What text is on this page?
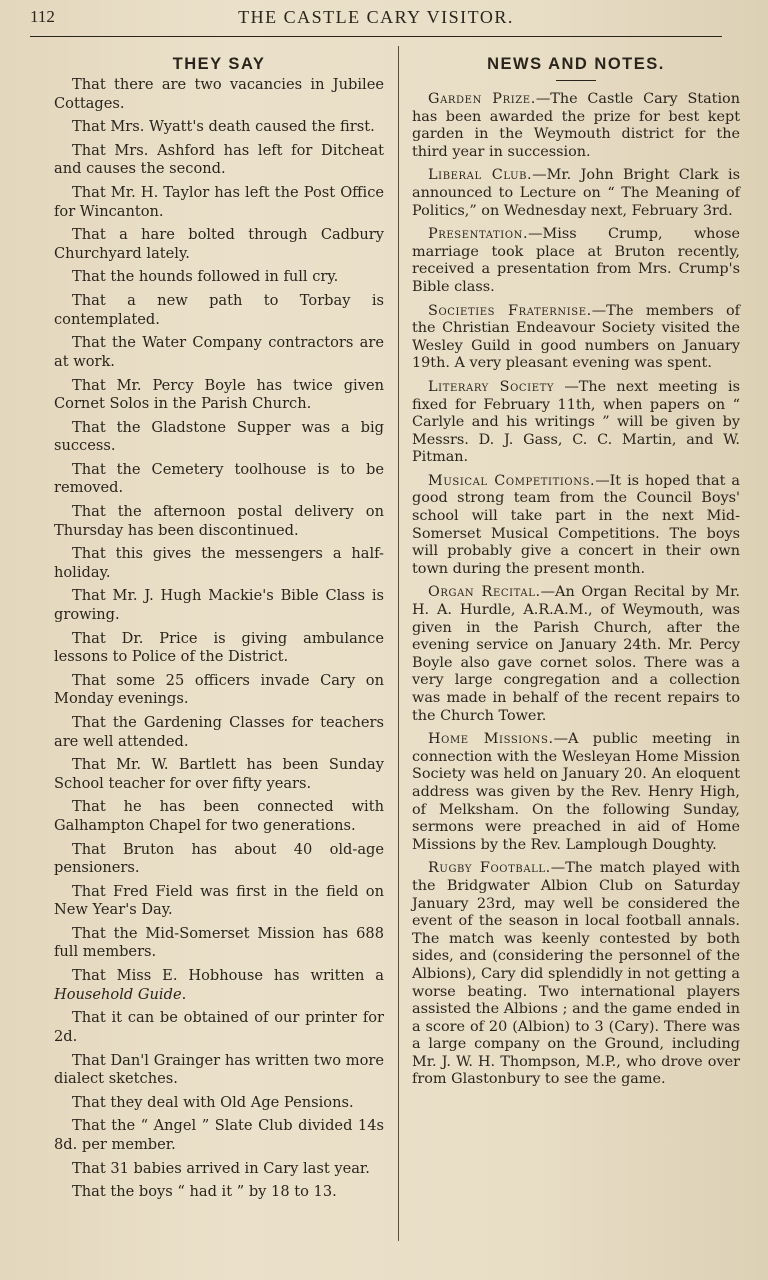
112	THE CASTLE CARY VISITOR.
THEY SAY

That there are two vacancies in Jubilee Cottages.

That Mrs. Wyatt's death caused the first.

That Mrs. Ashford has left for Ditcheat and causes the second.

That Mr. H. Taylor has left the Post Office for Wincanton.

That a hare bolted through Cadbury Churchyard lately.

That the hounds followed in full cry.

That a new path to Torbay is contemplated.

That the Water Company contractors are at work.

That Mr. Percy Boyle has twice given Cornet Solos in the Parish Church.

That the Gladstone Supper was a big success.

That the Cemetery toolhouse is to be removed.

That the afternoon postal delivery on Thursday has been discontinued.

That this gives the messengers a half-holiday.

That Mr. J. Hugh Mackie's Bible Class is growing.

That Dr. Price is giving ambulance lessons to Police of the District.

That some 25 officers invade Cary on Monday evenings.

That the Gardening Classes for teachers are well attended.

That Mr. W. Bartlett has been Sunday School teacher for over fifty years.

That he has been connected with Galhampton Chapel for two generations.

That Bruton has about 40 old-age pensioners.

That Fred Field was first in the field on New Year's Day.

That the Mid-Somerset Mission has 688 full members.

That Miss E. Hobhouse has written a Household Guide.

That it can be obtained of our printer for 2d.

That Dan'l Grainger has written two more dialect sketches.

That they deal with Old Age Pensions.

That the “ Angel ” Slate Club divided 14s 8d. per member.

That 31 babies arrived in Cary last year.

That the boys “ had it ” by 18 to 13.

NEWS AND NOTES.

Garden Prize.—The Castle Cary Station has been awarded the prize for best kept garden in the Weymouth district for the third year in succession.

Liberal Club.—Mr. John Bright Clark is announced to Lecture on “ The Meaning of Politics,” on Wednesday next, February 3rd.

Presentation.—Miss Crump, whose marriage took place at Bruton recently, received a presentation from Mrs. Crump's Bible class.

Societies Fraternise.—The members of the Christian Endeavour Society visited the Wesley Guild in good numbers on January 19th. A very pleasant evening was spent.

Literary Society —The next meeting is fixed for February 11th, when papers on “ Carlyle and his writings ” will be given by Messrs. D. J. Gass, C. C. Martin, and W. Pitman.

Musical Competitions.—It is hoped that a good strong team from the Council Boys' school will take part in the next Mid-Somerset Musical Competitions. The boys will probably give a concert in their own town during the present month.

Organ Recital.—An Organ Recital by Mr. H. A. Hurdle, A.R.A.M., of Weymouth, was given in the Parish Church, after the evening service on January 24th. Mr. Percy Boyle also gave cornet solos. There was a very large congregation and a collection was made in behalf of the recent repairs to the Church Tower.

Home Missions.—A public meeting in connection with the Wesleyan Home Mission Society was held on January 20. An eloquent address was given by the Rev. Henry High, of Melksham. On the following Sunday, sermons were preached in aid of Home Missions by the Rev. Lamplough Doughty.

Rugby Football.—The match played with the Bridgwater Albion Club on Saturday January 23rd, may well be considered the event of the season in local football annals. The match was keenly contested by both sides, and (considering the personnel of the Albions), Cary did splendidly in not getting a worse beating. Two international players assisted the Albions ; and the game ended in a score of 20 (Albion) to 3 (Cary). There was a large company on the Ground, including Mr. J. W. H. Thompson, M.P., who drove over from Glastonbury to see the game.
